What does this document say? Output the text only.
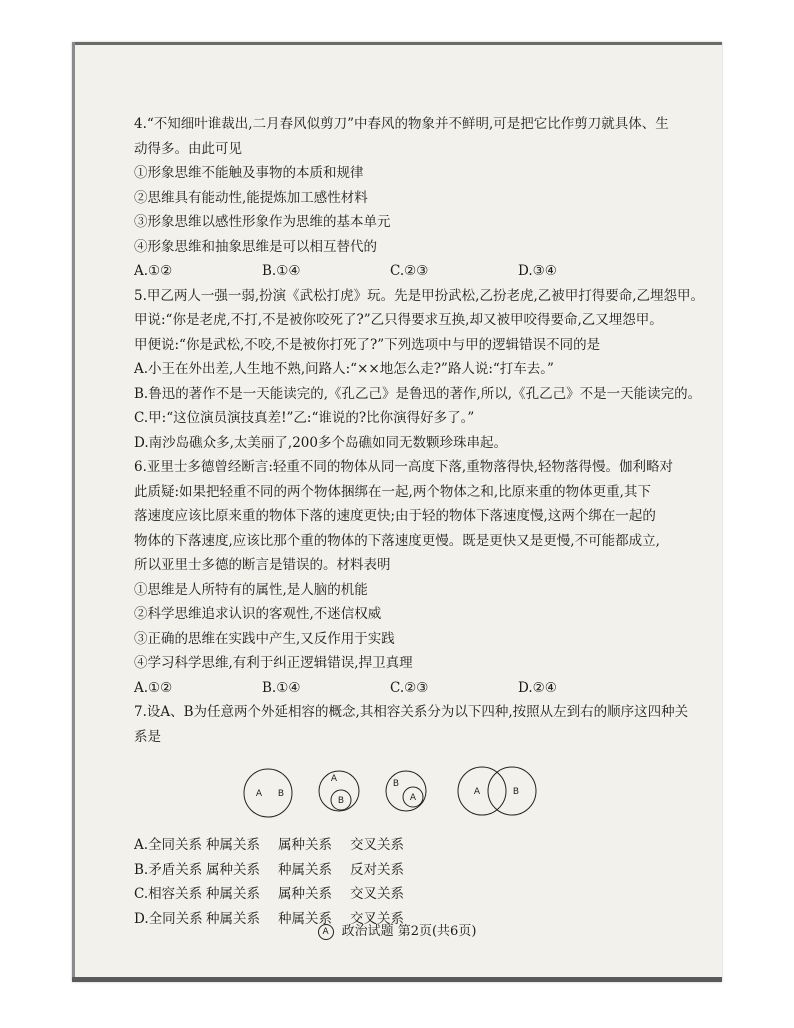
4.“不知细叶谁裁出,二月春风似剪刀”中春风的物象并不鲜明,可是把它比作剪刀就具体、生
动得多。由此可见
①形象思维不能触及事物的本质和规律
②思维具有能动性,能提炼加工感性材料
③形象思维以感性形象作为思维的基本单元
④形象思维和抽象思维是可以相互替代的
A.①②	B.①④	C.②③	D.③④
5.甲乙两人一强一弱,扮演《武松打虎》玩。先是甲扮武松,乙扮老虎,乙被甲打得要命,乙埋怨甲。
甲说:“你是老虎,不打,不是被你咬死了?”乙只得要求互换,却又被甲咬得要命,乙又埋怨甲。
甲便说:“你是武松,不咬,不是被你打死了?”下列选项中与甲的逻辑错误不同的是
A.小王在外出差,人生地不熟,问路人:“××地怎么走?”路人说:“打车去。”
B.鲁迅的著作不是一天能读完的,《孔乙己》是鲁迅的著作,所以,《孔乙己》不是一天能读完的。
C.甲:“这位演员演技真差!”乙:“谁说的?比你演得好多了。”
D.南沙岛礁众多,太美丽了,200多个岛礁如同无数颗珍珠串起。
6.亚里士多德曾经断言:轻重不同的物体从同一高度下落,重物落得快,轻物落得慢。伽利略对
此质疑:如果把轻重不同的两个物体捆绑在一起,两个物体之和,比原来重的物体更重,其下
落速度应该比原来重的物体下落的速度更快;由于轻的物体下落速度慢,这两个绑在一起的
物体的下落速度,应该比那个重的物体的下落速度更慢。既是更快又是更慢,不可能都成立,
所以亚里士多德的断言是错误的。材料表明
①思维是人所特有的属性,是人脑的机能
②科学思维追求认识的客观性,不迷信权威
③正确的思维在实践中产生,又反作用于实践
④学习科学思维,有利于纠正逻辑错误,捍卫真理
A.①②	B.①④	C.②③	D.②④
7.设A、B为任意两个外延相容的概念,其相容关系分为以下四种,按照从左到右的顺序这四种关
系是
A B
A
B
B
A
A	B
A.全同关系 种属关系	属种关系	交叉关系
B.矛盾关系 属种关系	种属关系	反对关系
C.相容关系 种属关系	属种关系	交叉关系
D.全同关系 种属关系	种属关系	交叉关系
A 政治试题 第2页(共6页)
